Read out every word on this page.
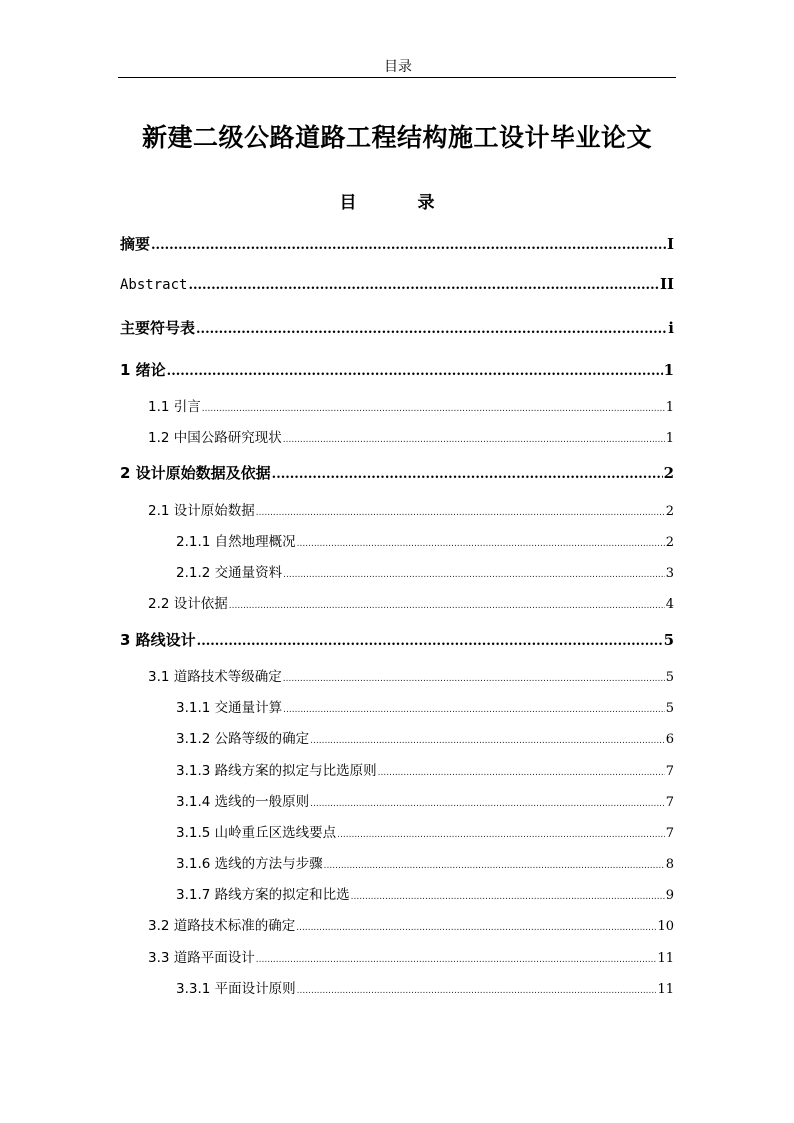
目录
新建二级公路道路工程结构施工设计毕业论文
目　录
摘要 .....	I
Abstract .....	II
主要符号表 .....	i
1 绪论 .....	1
1.1 引言 .....	1
1.2 中国公路研究现状 .....	1
2 设计原始数据及依据 .....	2
2.1 设计原始数据 .....	2
2.1.1 自然地理概况 .....	2
2.1.2 交通量资料 .....	3
2.2 设计依据 .....	4
3 路线设计 .....	5
3.1 道路技术等级确定 .....	5
3.1.1 交通量计算 .....	5
3.1.2 公路等级的确定 .....	6
3.1.3 路线方案的拟定与比选原则 .....	7
3.1.4 选线的一般原则 .....	7
3.1.5 山岭重丘区选线要点 .....	7
3.1.6 选线的方法与步骤 .....	8
3.1.7 路线方案的拟定和比选 .....	9
3.2 道路技术标准的确定 .....	10
3.3 道路平面设计 .....	11
3.3.1 平面设计原则 .....	11
